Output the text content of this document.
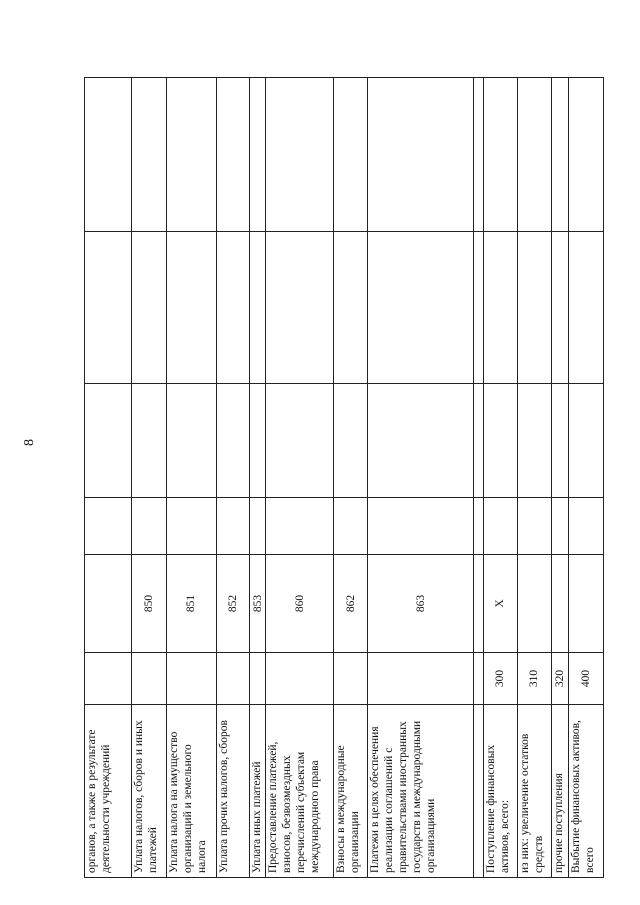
8
органов, а также в результате деятельности учреждений						
Уплата налогов, сборов и иных платежей		850				
Уплата налога на имущество организаций и земельного налога		851				
Уплата прочих налогов, сборов		852				
Уплата иных платежей		853				
Предоставление платежей, взносов, безвозмездных перечислений субъектам международного права		860				
Взносы в международные организации		862				
Платежи в целях обеспечения реализации соглашений с правительствами иностранных государств и международными организациями		863				

Поступление финансовых активов, всего:	300	X				
из них: увеличение остатков средств	310					
прочие поступления	320					
Выбытие финансовых активов, всего	400					
